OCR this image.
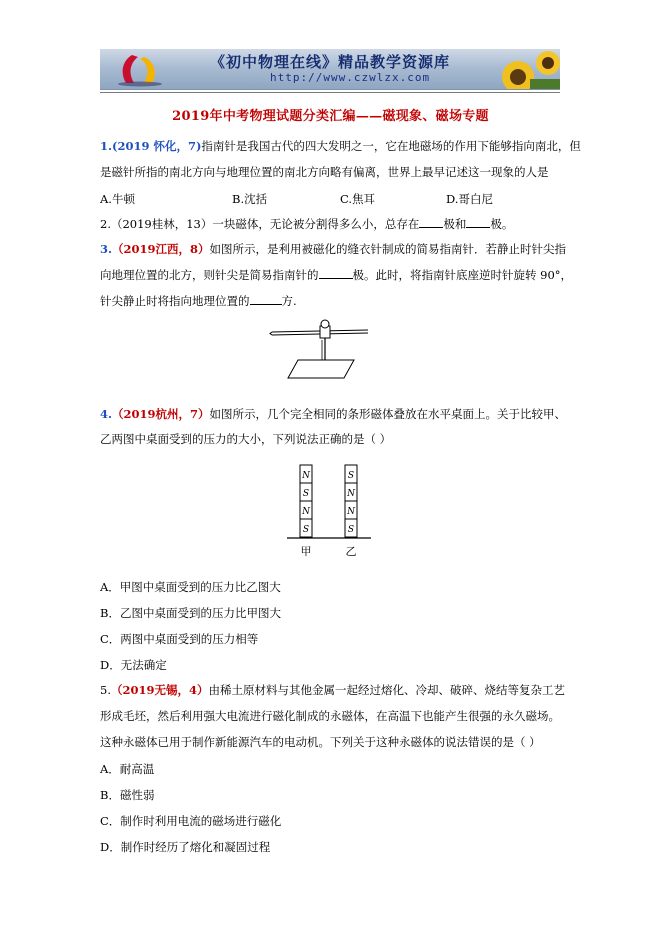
《初中物理在线》精品教学资源库
http://www.czwlzx.com
2019年中考物理试题分类汇编——磁现象、磁场专题
1.(2019 怀化，7)指南针是我国古代的四大发明之一，它在地磁场的作用下能够指向南北，但
是磁针所指的南北方向与地理位置的南北方向略有偏离，世界上最早记述这一现象的人是
A.牛顿	B.沈括	C.焦耳	D.哥白尼
2.（2019桂林，13）一块磁体，无论被分割得多么小，总存在 极和 极。
3.（2019江西，8）如图所示，是利用被磁化的缝衣针制成的简易指南针．若静止时针尖指
向地理位置的北方，则针尖是简易指南针的	极。此时，将指南针底座逆时针旋转 90°，
针尖静止时将指向地理位置的	方.
4.（2019杭州，7）如图所示，几个完全相同的条形磁体叠放在水平桌面上。关于比较甲、
乙两图中桌面受到的压力的大小，下列说法正确的是（ ）
N
S
N
S
S
N
N
S
甲	乙
A．甲图中桌面受到的压力比乙图大
B．乙图中桌面受到的压力比甲图大
C．两图中桌面受到的压力相等
D．无法确定
5.（2019无锡，4）由稀土原材料与其他金属一起经过熔化、冷却、破碎、烧结等复杂工艺
形成毛坯，然后利用强大电流进行磁化制成的永磁体，在高温下也能产生很强的永久磁场。
这种永磁体已用于制作新能源汽车的电动机。下列关于这种永磁体的说法错误的是（ ）
A．耐高温
B．磁性弱
C．制作时利用电流的磁场进行磁化
D．制作时经历了熔化和凝固过程
